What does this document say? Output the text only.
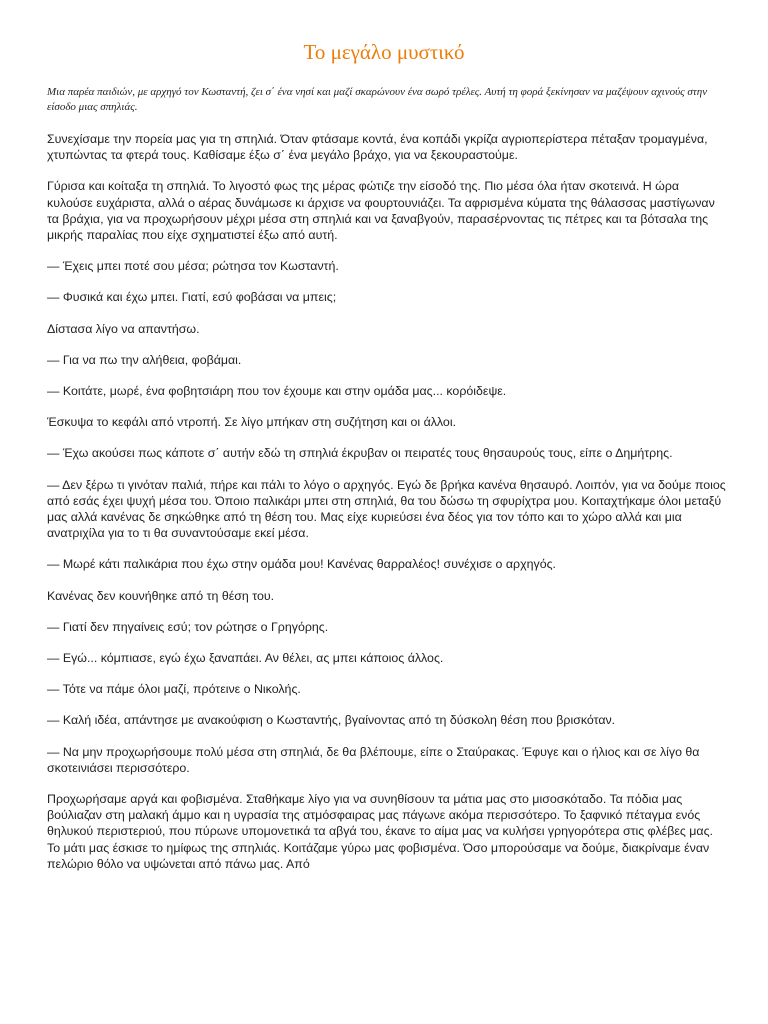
Το μεγάλο μυστικό

Μια παρέα παιδιών, με αρχηγό τον Κωσταντή, ζει σ΄ ένα νησί και μαζί σκαρώνουν ένα σωρό τρέλες. Αυτή τη φορά ξεκίνησαν να μαζέψουν αχινούς στην είσοδο μιας σπηλιάς.

Συνεχίσαμε την πορεία μας για τη σπηλιά. Όταν φτάσαμε κοντά, ένα κοπάδι γκρίζα αγριοπερίστερα πέταξαν τρομαγμένα, χτυπώντας τα φτερά τους. Καθίσαμε έξω σ΄ ένα μεγάλο βράχο, για να ξεκουραστούμε.

Γύρισα και κοίταξα τη σπηλιά. Το λιγοστό φως της μέρας φώτιζε την είσοδό της. Πιο μέσα όλα ήταν σκοτεινά. Η ώρα κυλούσε ευχάριστα, αλλά ο αέρας δυνάμωσε κι άρχισε να φουρτουνιάζει. Τα αφρισμένα κύματα της θάλασσας μαστίγωναν τα βράχια, για να προχωρήσουν μέχρι μέσα στη σπηλιά και να ξαναβγούν, παρασέρνοντας τις πέτρες και τα βότσαλα της μικρής παραλίας που είχε σχηματιστεί έξω από αυτή.

— Έχεις μπει ποτέ σου μέσα; ρώτησα τον Κωσταντή.

— Φυσικά και έχω μπει. Γιατί, εσύ φοβάσαι να μπεις;

Δίστασα λίγο να απαντήσω.

— Για να πω την αλήθεια, φοβάμαι.

— Κοιτάτε, μωρέ, ένα φοβητσιάρη που τον έχουμε και στην ομάδα μας... κορόιδεψε.

Έσκυψα το κεφάλι από ντροπή. Σε λίγο μπήκαν στη συζήτηση και οι άλλοι.

— Έχω ακούσει πως κάποτε σ΄ αυτήν εδώ τη σπηλιά έκρυβαν οι πειρατές τους θησαυρούς τους, είπε ο Δημήτρης.

— Δεν ξέρω τι γινόταν παλιά, πήρε και πάλι το λόγο ο αρχηγός. Εγώ δε βρήκα κανένα θησαυρό. Λοιπόν, για να δούμε ποιος από εσάς έχει ψυχή μέσα του. Όποιο παλικάρι μπει στη σπηλιά, θα του δώσω τη σφυρίχτρα μου. Κοιταχτήκαμε όλοι μεταξύ μας αλλά κανένας δε σηκώθηκε από τη θέση του. Μας είχε κυριεύσει ένα δέος για τον τόπο και το χώρο αλλά και μια ανατριχίλα για το τι θα συναντούσαμε εκεί μέσα.

— Μωρέ κάτι παλικάρια που έχω στην ομάδα μου! Κανένας θαρραλέος! συνέχισε ο αρχηγός.

Κανένας δεν κουνήθηκε από τη θέση του.

— Γιατί δεν πηγαίνεις εσύ; τον ρώτησε ο Γρηγόρης.

— Εγώ... κόμπιασε, εγώ έχω ξαναπάει. Αν θέλει, ας μπει κάποιος άλλος.

— Τότε να πάμε όλοι μαζί, πρότεινε ο Νικολής.

— Καλή ιδέα, απάντησε με ανακούφιση ο Κωσταντής, βγαίνοντας από τη δύσκολη θέση που βρισκόταν.

— Να μην προχωρήσουμε πολύ μέσα στη σπηλιά, δε θα βλέπουμε, είπε ο Σταύρακας. Έφυγε και ο ήλιος και σε λίγο θα σκοτεινιάσει περισσότερο.

Προχωρήσαμε αργά και φοβισμένα. Σταθήκαμε λίγο για να συνηθίσουν τα μάτια μας στο μισοσκόταδο. Τα πόδια μας βούλιαζαν στη μαλακή άμμο και η υγρασία της ατμόσφαιρας μας πάγωνε ακόμα περισσότερο. Το ξαφνικό πέταγμα ενός θηλυκού περιστεριού, που πύρωνε υπομονετικά τα αβγά του, έκανε το αίμα μας να κυλήσει γρηγορότερα στις φλέβες μας. Το μάτι μας έσκισε το ημίφως της σπηλιάς. Κοιτάζαμε γύρω μας φοβισμένα. Όσο μπορούσαμε να δούμε, διακρίναμε έναν πελώριο θόλο να υψώνεται από πάνω μας. Από
